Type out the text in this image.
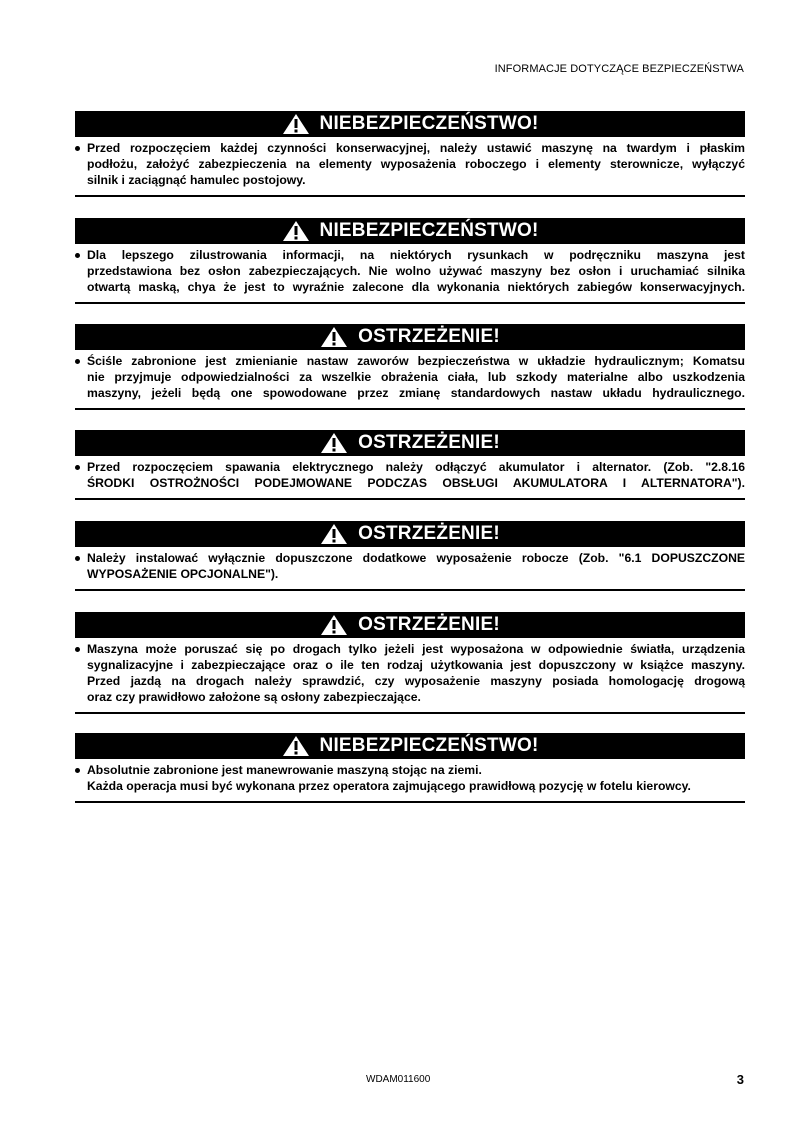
INFORMACJE DOTYCZĄCE BEZPIECZEŃSTWA
NIEBEZPIECZEŃSTWO!
Przed rozpoczęciem każdej czynności konserwacyjnej, należy ustawić maszynę na twardym i płaskim
podłożu, założyć zabezpieczenia na elementy wyposażenia roboczego i elementy sterownicze, wyłączyć
silnik i zaciągnąć hamulec postojowy.
NIEBEZPIECZEŃSTWO!
Dla lepszego zilustrowania informacji, na niektórych rysunkach w podręczniku maszyna jest
przedstawiona bez osłon zabezpieczających. Nie wolno używać maszyny bez osłon i uruchamiać silnika
otwartą maską, chya że jest to wyraźnie zalecone dla wykonania niektórych zabiegów konserwacyjnych.
OSTRZEŻENIE!
Ściśle zabronione jest zmienianie nastaw zaworów bezpieczeństwa w układzie hydraulicznym; Komatsu
nie przyjmuje odpowiedzialności za wszelkie obrażenia ciała, lub szkody materialne albo uszkodzenia
maszyny, jeżeli będą one spowodowane przez zmianę standardowych nastaw układu hydraulicznego.
OSTRZEŻENIE!
Przed rozpoczęciem spawania elektrycznego należy odłączyć akumulator i alternator. (Zob. "2.8.16
ŚRODKI OSTROŻNOŚCI PODEJMOWANE PODCZAS OBSŁUGI AKUMULATORA I ALTERNATORA").
OSTRZEŻENIE!
Należy instalować wyłącznie dopuszczone dodatkowe wyposażenie robocze (Zob. "6.1 DOPUSZCZONE
WYPOSAŻENIE OPCJONALNE").
OSTRZEŻENIE!
Maszyna może poruszać się po drogach tylko jeżeli jest wyposażona w odpowiednie światła, urządzenia
sygnalizacyjne i zabezpieczające oraz o ile ten rodzaj użytkowania jest dopuszczony w książce maszyny.
Przed jazdą na drogach należy sprawdzić, czy wyposażenie maszyny posiada homologację drogową
oraz czy prawidłowo założone są osłony zabezpieczające.
NIEBEZPIECZEŃSTWO!
Absolutnie zabronione jest manewrowanie maszyną stojąc na ziemi.
Każda operacja musi być wykonana przez operatora zajmującego prawidłową pozycję w fotelu kierowcy.
WDAM011600	3
